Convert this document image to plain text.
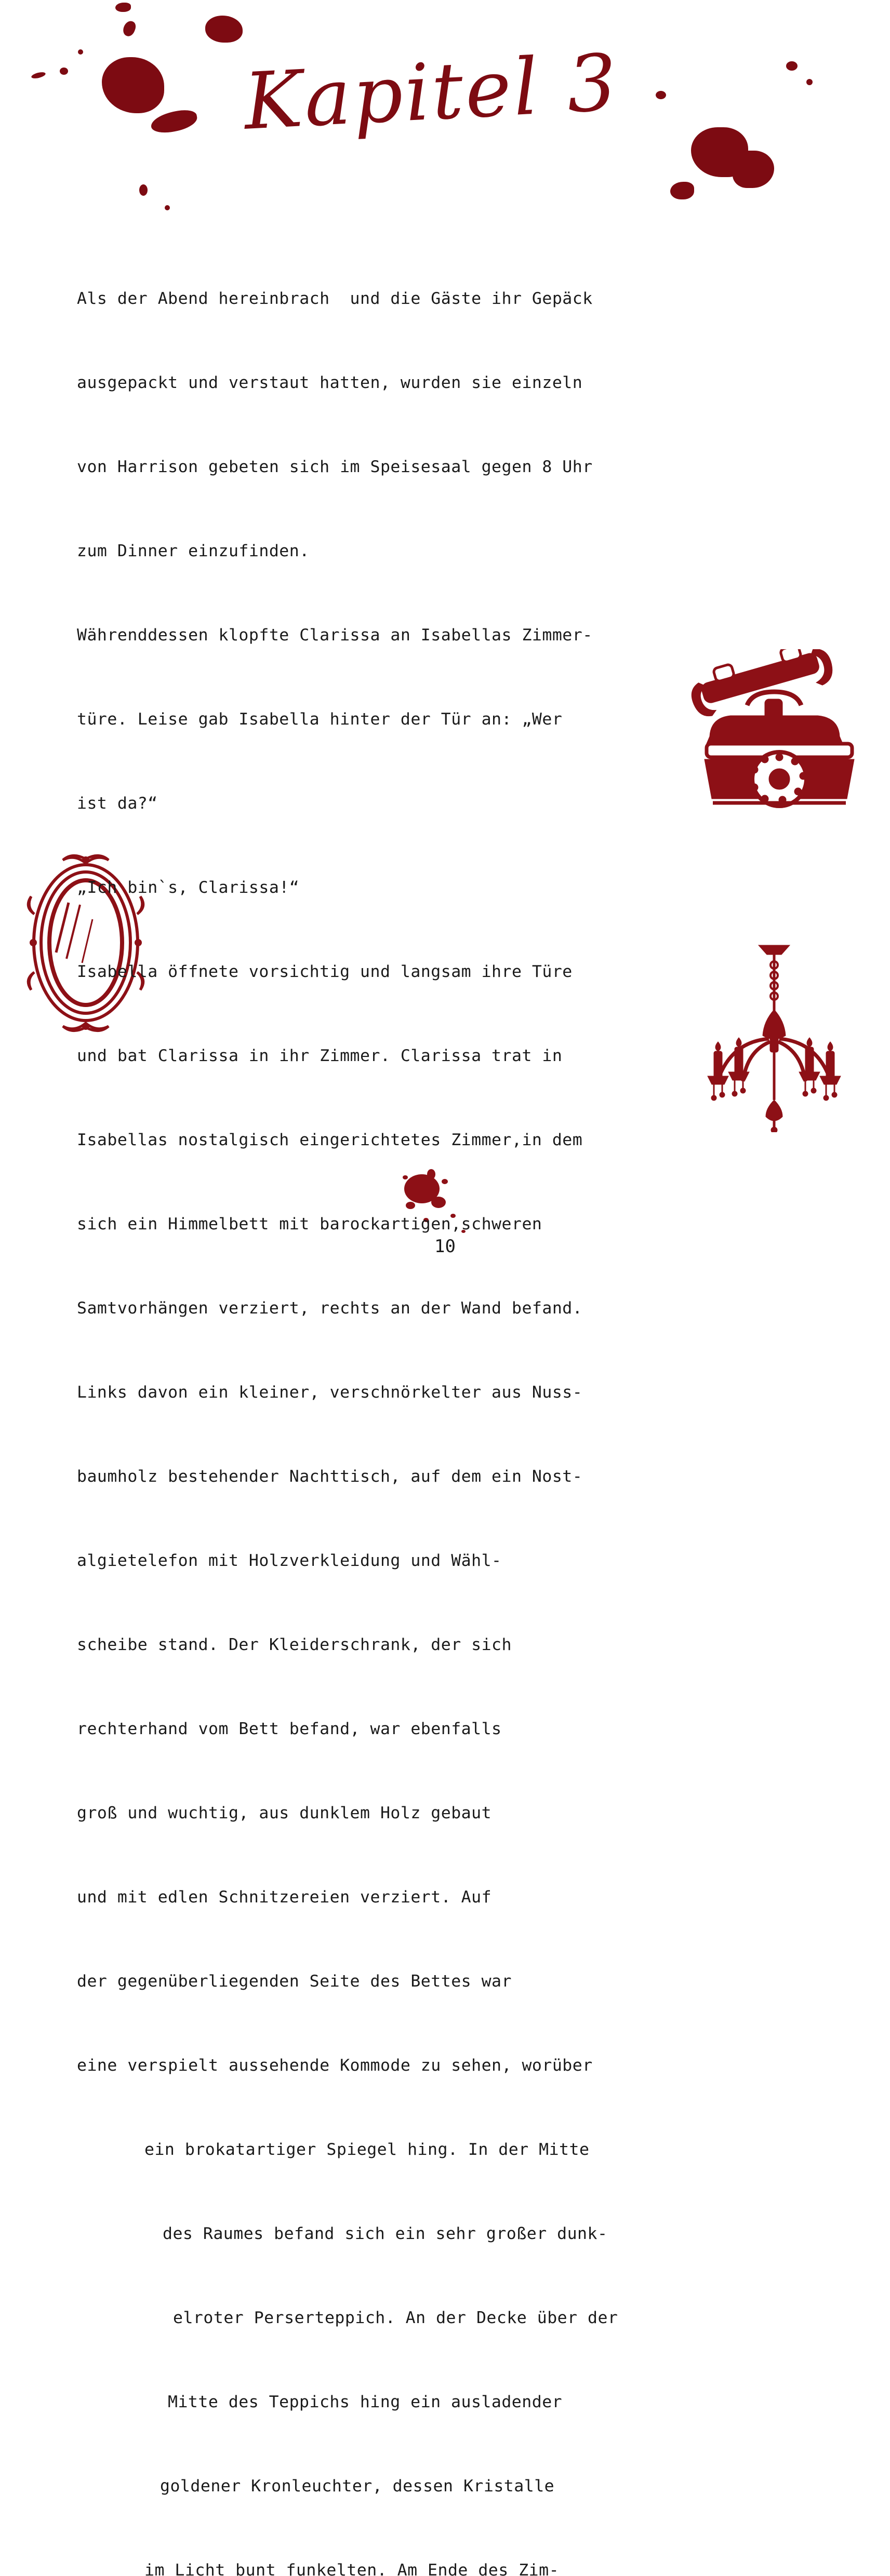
Kapitel 3

Als der Abend hereinbrach  und die Gäste ihr Gepäck

ausgepackt und verstaut hatten, wurden sie einzeln

von Harrison gebeten sich im Speisesaal gegen 8 Uhr

zum Dinner einzufinden.

Währenddessen klopfte Clarissa an Isabellas Zimmer-

türe. Leise gab Isabella hinter der Tür an: „Wer

ist da?“

„Ich bin`s, Clarissa!“

Isabella öffnete vorsichtig und langsam ihre Türe

und bat Clarissa in ihr Zimmer. Clarissa trat in

Isabellas nostalgisch eingerichtetes Zimmer,in dem

sich ein Himmelbett mit barockartigen,schweren

Samtvorhängen verziert, rechts an der Wand befand.

Links davon ein kleiner, verschnörkelter aus Nuss-

baumholz bestehender Nachttisch, auf dem ein Nost-

algietelefon mit Holzverkleidung und Wähl-

scheibe stand. Der Kleiderschrank, der sich

rechterhand vom Bett befand, war ebenfalls

groß und wuchtig, aus dunklem Holz gebaut

und mit edlen Schnitzereien verziert. Auf

der gegenüberliegenden Seite des Bettes war

eine verspielt aussehende Kommode zu sehen, worüber

ein brokatartiger Spiegel hing. In der Mitte

des Raumes befand sich ein sehr großer dunk-

elroter Perserteppich. An der Decke über der

Mitte des Teppichs hing ein ausladender

goldener Kronleuchter, dessen Kristalle

im Licht bunt funkelten. Am Ende des Zim-

10
